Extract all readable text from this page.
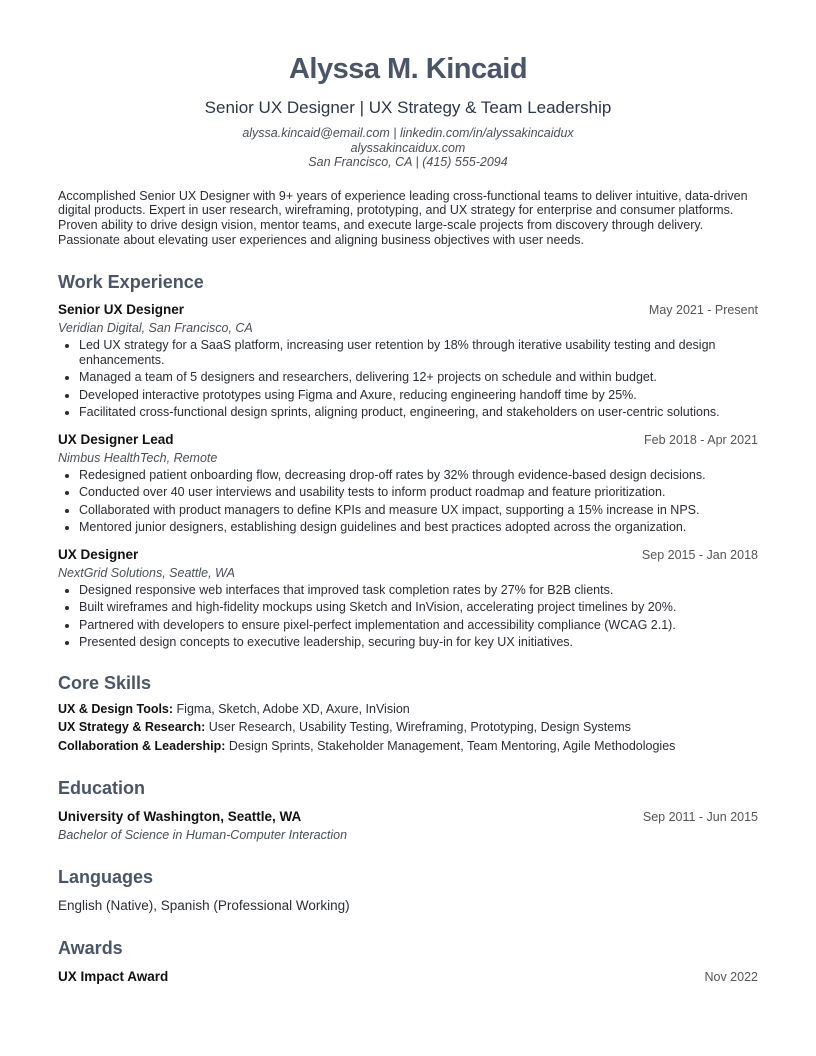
Alyssa M. Kincaid
Senior UX Designer | UX Strategy & Team Leadership
alyssa.kincaid@email.com | linkedin.com/in/alyssakincaidux
alyssakincaidux.com
San Francisco, CA | (415) 555-2094
Accomplished Senior UX Designer with 9+ years of experience leading cross-functional teams to deliver intuitive, data-driven digital products. Expert in user research, wireframing, prototyping, and UX strategy for enterprise and consumer platforms. Proven ability to drive design vision, mentor teams, and execute large-scale projects from discovery through delivery. Passionate about elevating user experiences and aligning business objectives with user needs.
Work Experience
Senior UX Designer	May 2021 - Present
Veridian Digital, San Francisco, CA
• Led UX strategy for a SaaS platform, increasing user retention by 18% through iterative usability testing and design enhancements.
• Managed a team of 5 designers and researchers, delivering 12+ projects on schedule and within budget.
• Developed interactive prototypes using Figma and Axure, reducing engineering handoff time by 25%.
• Facilitated cross-functional design sprints, aligning product, engineering, and stakeholders on user-centric solutions.
UX Designer Lead	Feb 2018 - Apr 2021
Nimbus HealthTech, Remote
• Redesigned patient onboarding flow, decreasing drop-off rates by 32% through evidence-based design decisions.
• Conducted over 40 user interviews and usability tests to inform product roadmap and feature prioritization.
• Collaborated with product managers to define KPIs and measure UX impact, supporting a 15% increase in NPS.
• Mentored junior designers, establishing design guidelines and best practices adopted across the organization.
UX Designer	Sep 2015 - Jan 2018
NextGrid Solutions, Seattle, WA
• Designed responsive web interfaces that improved task completion rates by 27% for B2B clients.
• Built wireframes and high-fidelity mockups using Sketch and InVision, accelerating project timelines by 20%.
• Partnered with developers to ensure pixel-perfect implementation and accessibility compliance (WCAG 2.1).
• Presented design concepts to executive leadership, securing buy-in for key UX initiatives.
Core Skills
UX & Design Tools: Figma, Sketch, Adobe XD, Axure, InVision
UX Strategy & Research: User Research, Usability Testing, Wireframing, Prototyping, Design Systems
Collaboration & Leadership: Design Sprints, Stakeholder Management, Team Mentoring, Agile Methodologies
Education
University of Washington, Seattle, WA	Sep 2011 - Jun 2015
Bachelor of Science in Human-Computer Interaction
Languages
English (Native), Spanish (Professional Working)
Awards
UX Impact Award	Nov 2022
